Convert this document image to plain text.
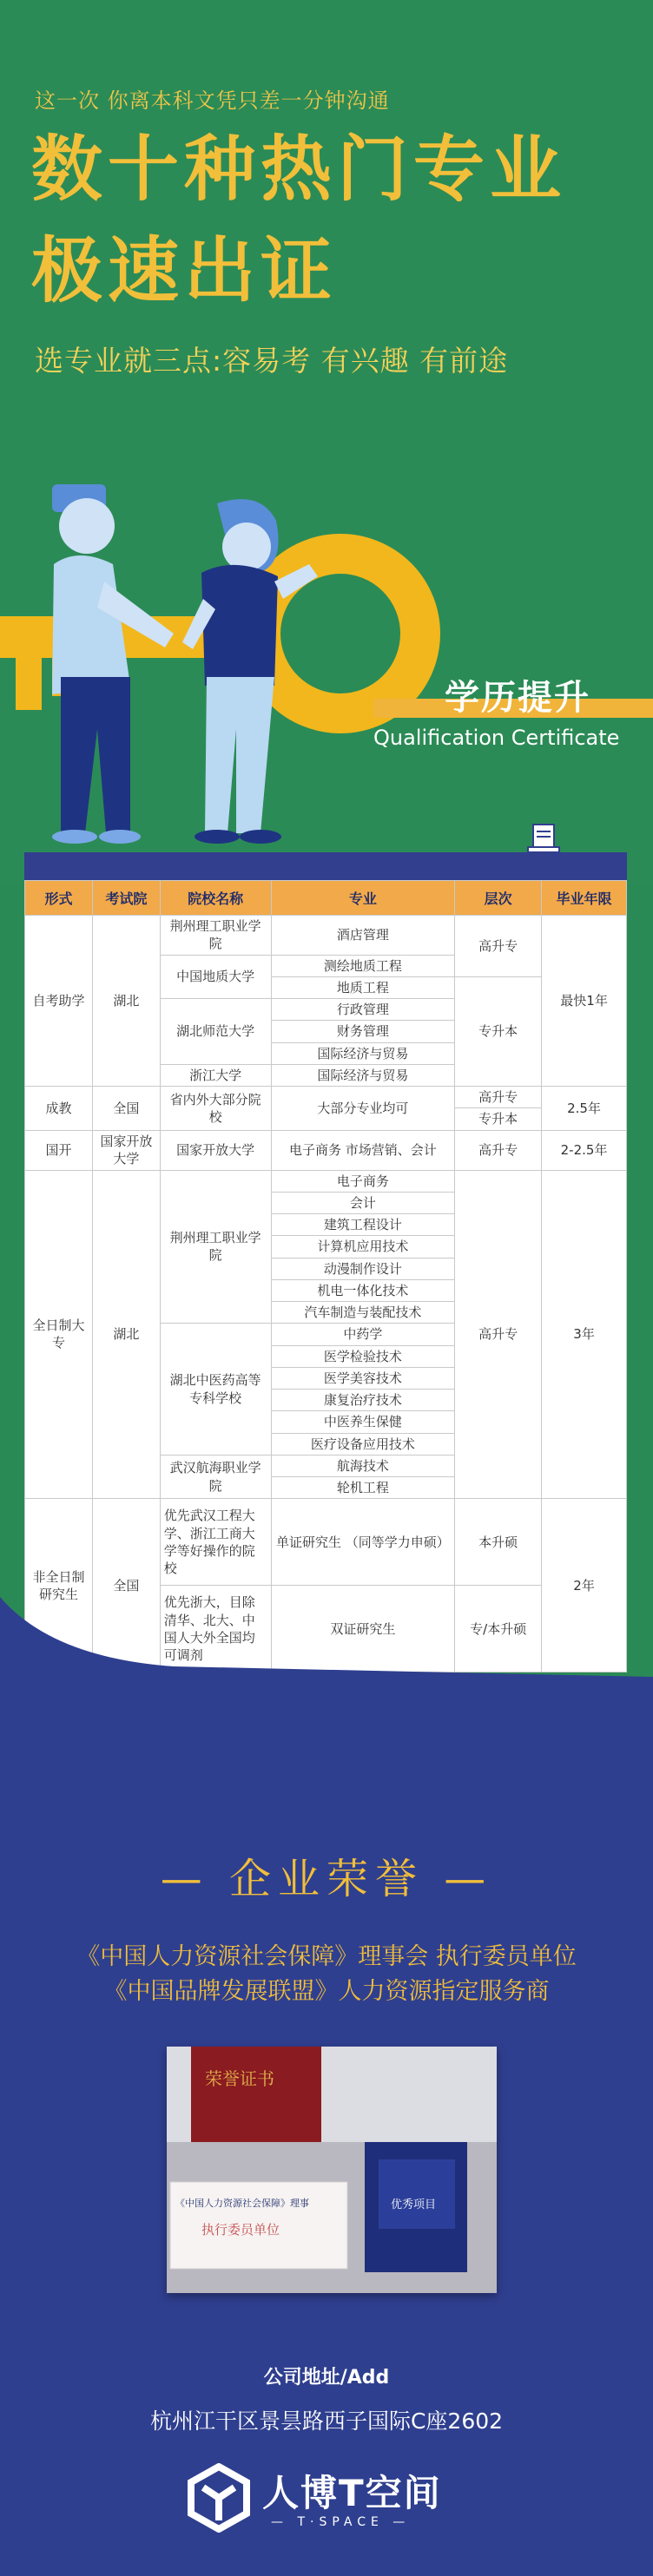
这一次 你离本科文凭只差一分钟沟通
数十种热门专业
极速出证
选专业就三点:容易考 有兴趣 有前途
学历提升
Qualification Certificate
形式	考试院	院校名称	专业	层次	毕业年限
自考助学	湖北	荆州理工职业学院	酒店管理	高升专	最快1年
		中国地质大学	测绘地质工程		
			地质工程	专升本	
		湖北师范大学	行政管理		
			财务管理		
			国际经济与贸易		
		浙江大学	国际经济与贸易		
成教	全国	省内外大部分院校	大部分专业均可	高升专	2.5年
				专升本	
国开	国家开放大学	国家开放大学	电子商务 市场营销、会计	高升专	2-2.5年
全日制大专	湖北	荆州理工职业学院	电子商务	高升专	3年
			会计		
			建筑工程设计		
			计算机应用技术		
			动漫制作设计		
			机电一体化技术		
			汽车制造与装配技术		
		湖北中医药高等专科学校	中药学		
			医学检验技术		
			医学美容技术		
			康复治疗技术		
			中医养生保健		
			医疗设备应用技术		
		武汉航海职业学院	航海技术		
			轮机工程		
非全日制研究生	全国	优先武汉工程大学、浙江工商大学等好操作的院校	单证研究生 （同等学力申硕）	本升硕	2年
		优先浙大，目除清华、北大、中国人大外全国均可调剂	双证研究生	专/本升硕	
— 企业荣誉 —
《中国人力资源社会保障》理事会 执行委员单位
《中国品牌发展联盟》人力资源指定服务商
荣誉证书
《中国人力资源社会保障》理事
执行委员单位
优秀项目
公司地址/Add
杭州江干区景昙路西子国际C座2602
人博T空间
— T·SPACE —
